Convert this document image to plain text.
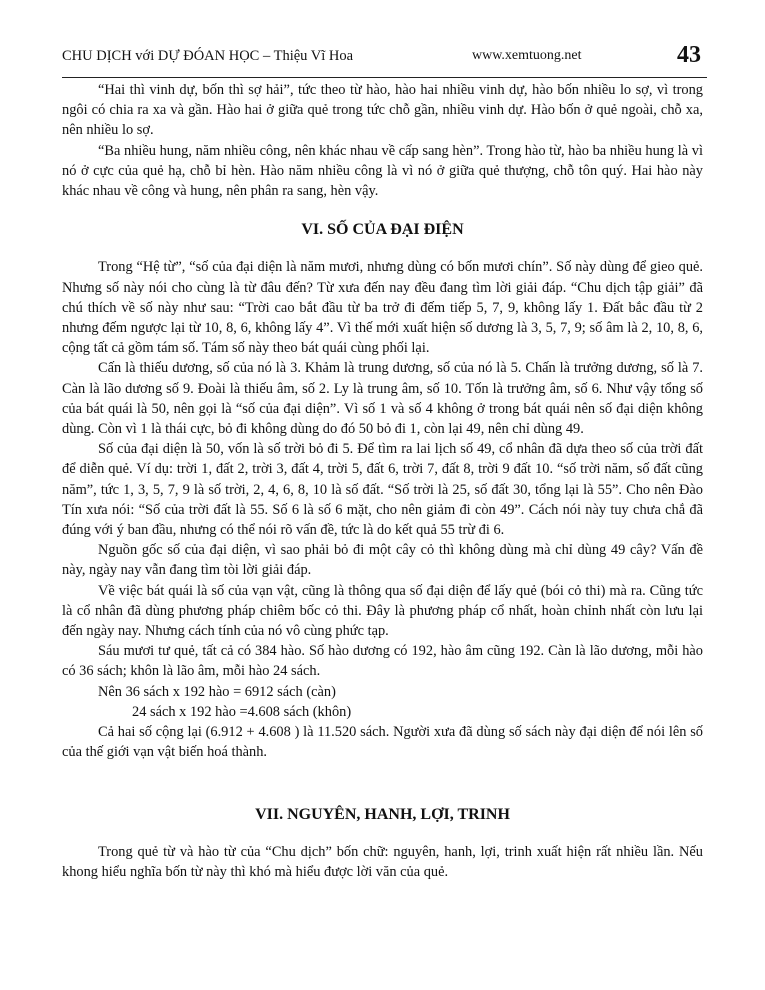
CHU DỊCH với DỰ ĐÓAN HỌC – Thiệu Vĩ Hoa	www.xemtuong.net	43

“Hai thì vinh dự, bốn thì sợ hải”, tức theo từ hào, hào hai nhiều vinh dự, hào bốn nhiều lo sợ, vì trong ngôi có chia ra xa và gần. Hào hai ở giữa quẻ trong tức chỗ gần, nhiều vinh dự. Hào bốn ở quẻ ngoài, chỗ xa, nên nhiều lo sợ.

“Ba nhiều hung, năm nhiều công, nên khác nhau về cấp sang hèn”. Trong hào từ, hào ba nhiều hung là vì nó ở cực của quẻ hạ, chỗ bỉ hèn. Hào năm nhiều công là vì nó ở giữa quẻ thượng, chỗ tôn quý. Hai hào này khác nhau về công và hung, nên phân ra sang, hèn vậy.

VI. SỐ CỦA ĐẠI ĐIỆN

Trong “Hệ từ”, “số của đại diện là năm mươi, nhưng dùng có bốn mươi chín”. Số này dùng để gieo quẻ. Nhưng số này nói cho cùng là từ đâu đến? Từ xưa đến nay đều đang tìm lời giải đáp. “Chu dịch tập giải” đã chú thích về số này như sau: “Trời cao bắt đầu từ ba trở đi đếm tiếp 5, 7, 9, không lấy 1. Đất bắc đầu từ 2 nhưng đếm ngược lại từ 10, 8, 6, không lấy 4”. Vì thế mới xuất hiện số dương là 3, 5, 7, 9; số âm là 2, 10, 8, 6, cộng tất cả gồm tám số. Tám số này theo bát quái cùng phối lại.

Cấn là thiếu dương, số của nó là 3. Khảm là trung dương, số của nó là 5. Chấn là trưởng dương, số là 7. Càn là lão dương số 9. Đoài là thiếu âm, số 2. Ly là trung âm, số 10. Tốn là trưởng âm, số 6. Như vậy tổng số của bát quái là 50, nên gọi là “số của đại diện”. Vì số 1 và số 4 không ở trong bát quái nên số đại diện không dùng. Còn vì 1 là thái cực, bỏ đi không dùng do đó 50 bỏ đi 1, còn lại 49, nên chỉ dùng 49.

Số của đại diện là 50, vốn là số trời bỏ đi 5. Để tìm ra lai lịch số 49, cổ nhân đã dựa theo số của trời đất để diễn quẻ. Ví dụ: trời 1, đất 2, trời 3, đất 4, trời 5, đất 6, trời 7, đất 8, trời 9 đất 10. “số trời năm, số đất cũng năm”, tức 1, 3, 5, 7, 9 là số trời, 2, 4, 6, 8, 10 là số đất. “Số trời là 25, số đất 30, tổng lại là 55”. Cho nên Đào Tín xưa nói: “Số của trời đất là 55. Số 6 là số 6 mặt, cho nên giảm đi còn 49”. Cách nói này tuy chưa chắ đã đúng với ý ban đầu, nhưng có thể nói rõ vấn đề, tức là do kết quả 55 trừ đi 6.

Nguồn gốc số của đại diện, vì sao phải bỏ đi một cây cỏ thì không dùng mà chỉ dùng 49 cây? Vấn đề này, ngày nay vẫn đang tìm tòi lời giải đáp.

Về việc bát quái là số của vạn vật, cũng là thông qua số đại diện để lấy quẻ (bói cỏ thi) mà ra. Cũng tức là cổ nhân đã dùng phương pháp chiêm bốc cỏ thi. Đây là phương pháp cổ nhất, hoàn chỉnh nhất còn lưu lại đến ngày nay. Nhưng cách tính của nó vô cùng phức tạp.

Sáu mươi tư quẻ, tất cả có 384 hào. Số hào dương có 192, hào âm cũng 192. Càn là lão dương, mỗi hào có 36 sách; khôn là lão âm, mỗi hào 24 sách.

Nên 36 sách x 192 hào = 6912 sách (càn)

24 sách x 192 hào =4.608 sách (khôn)

Cả hai số cộng lại (6.912 + 4.608 ) là 11.520 sách. Người xưa đã dùng số sách này đại diện để nói lên số của thế giới vạn vật biến hoá thành.

VII. NGUYÊN, HANH, LỢI, TRINH

Trong quẻ từ và hào từ của “Chu dịch” bốn chữ: nguyên, hanh, lợi, trinh xuất hiện rất nhiều lần. Nếu khong hiểu nghĩa bốn từ này thì khó mà hiểu được lời văn của quẻ.
